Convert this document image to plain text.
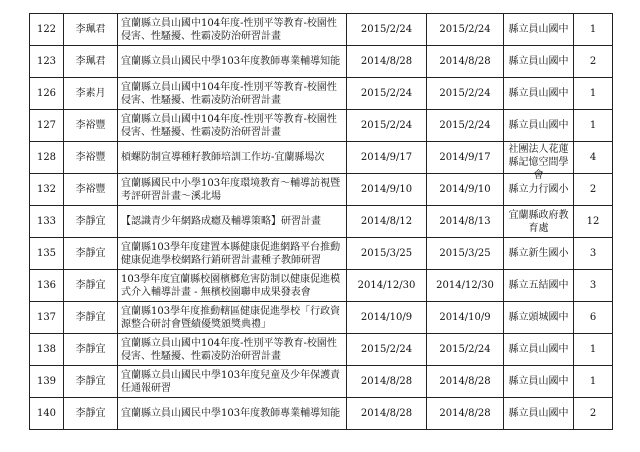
122	李珮君	宜蘭縣立員山國中104年度-性別平等教育-校園性侵害、性騷擾、性霸凌防治研習計畫	2015/2/24	2015/2/24	縣立員山國中	1
123	李珮君	宜蘭縣立員山國民中學103年度教師專業輔導知能	2014/8/28	2014/8/28	縣立員山國中	2
126	李素月	宜蘭縣立員山國中104年度-性別平等教育-校園性侵害、性騷擾、性霸凌防治研習計畫	2015/2/24	2015/2/24	縣立員山國中	1
127	李裕豐	宜蘭縣立員山國中104年度-性別平等教育-校園性侵害、性騷擾、性霸凌防治研習計畫	2015/2/24	2015/2/24	縣立員山國中	1
128	李裕豐	槓螺防制宣導種籽教師培訓工作坊-宜蘭縣場次	2014/9/17	2014/9/17	社團法人花蓮縣記憶空間學會	4
132	李裕豐	宜蘭縣國民中小學103年度環境教育～輔導訪視暨考評研習計畫～溪北場	2014/9/10	2014/9/10	縣立力行國小	2
133	李靜宜	【認識青少年網路成癮及輔導策略】研習計畫	2014/8/12	2014/8/13	宜蘭縣政府教育處	12
135	李靜宜	宜蘭縣103學年度建置本縣健康促進網路平台推動健康促進學校網路行銷研習計畫種子教師研習	2015/3/25	2015/3/25	縣立新生國小	3
136	李靜宜	103學年度宜蘭縣校園檳榔危害防制以健康促進模式介入輔導計畫 - 無檳校園聯申成果發表會	2014/12/30	2014/12/30	縣立五結國中	3
137	李靜宜	宜蘭縣103學年度推動轄區健康促進學校「行政資源整合研討會暨績優獎頒獎典禮」	2014/10/9	2014/10/9	縣立頭城國中	6
138	李靜宜	宜蘭縣立員山國中104年度-性別平等教育-校園性侵害、性騷擾、性霸凌防治研習計畫	2015/2/24	2015/2/24	縣立員山國中	1
139	李靜宜	宜蘭縣立員山國民中學103年度兒童及少年保護責任通報研習	2014/8/28	2014/8/28	縣立員山國中	1
140	李靜宜	宜蘭縣立員山國民中學103年度教師專業輔導知能	2014/8/28	2014/8/28	縣立員山國中	2
